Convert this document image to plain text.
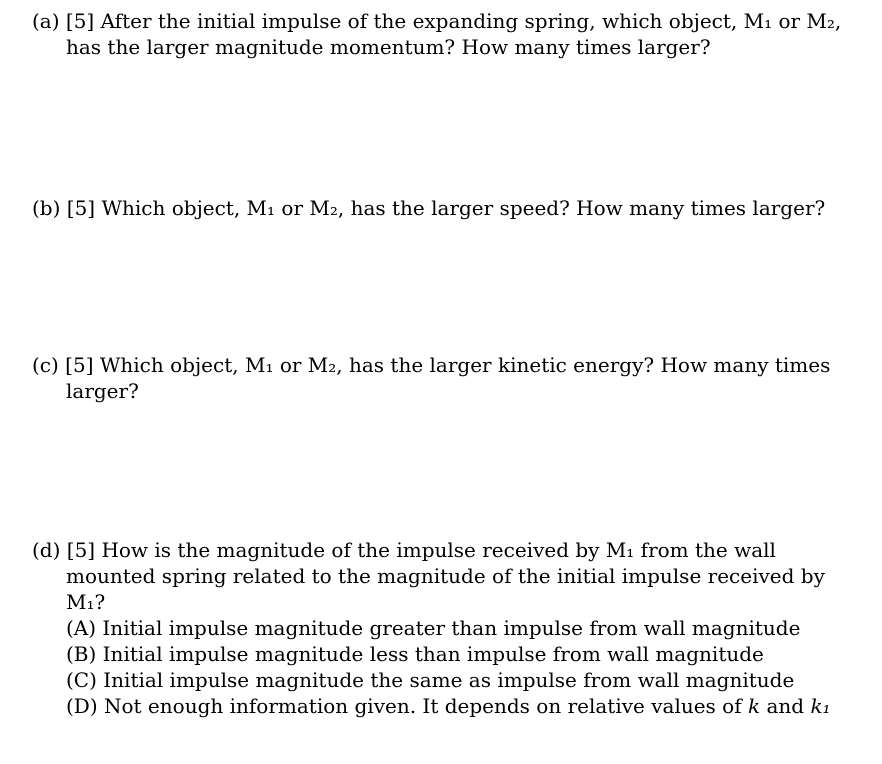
(a) [5] After the initial impulse of the expanding spring, which object, M₁ or M₂,
has the larger magnitude momentum? How many times larger?
(b) [5] Which object, M₁ or M₂, has the larger speed? How many times larger?
(c) [5] Which object, M₁ or M₂, has the larger kinetic energy? How many times
larger?
(d) [5] How is the magnitude of the impulse received by M₁ from the wall
mounted spring related to the magnitude of the initial impulse received by
M₁?
(A) Initial impulse magnitude greater than impulse from wall magnitude
(B) Initial impulse magnitude less than impulse from wall magnitude
(C) Initial impulse magnitude the same as impulse from wall magnitude
(D) Not enough information given. It depends on relative values of k and k₁
